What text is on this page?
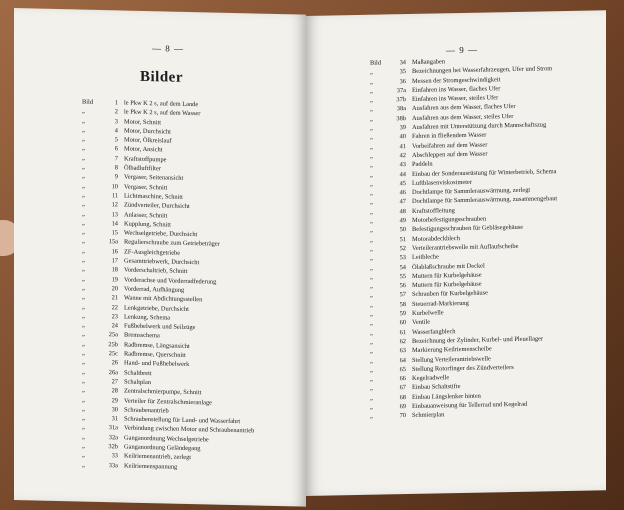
— 8 —
Bilder
Bild	1 le Pkw K 2 s, auf dem Lande
„	2 le Pkw K 2 s, auf dem Wasser
„	3 Motor, Schnitt
„	4 Motor, Durchsicht
„	5 Motor, Ölkreislauf
„	6 Motor, Ansicht
„	7 Kraftstoffpumpe
„	8 Ölbadluftfilter
„	9 Vergaser, Seitenansicht
„	10 Vergaser, Schnitt
„	11 Lichtmaschine, Schnitt
„	12 Zündverteiler, Durchsicht
„	13 Anlasser, Schnitt
„	14 Kupplung, Schnitt
„	15 Wechselgetriebe, Durchsicht
„	15a Regulierschraube zum Getriebeträger
„	16 ZF-Ausgleichgetriebe
„	17 Gesamttriebwerk, Durchsicht
„	18 Vorderschaltrieb, Schnitt
„	19 Vorderachse und Vorderradfederung
„	20 Vorderrad, Aufhängung
„	21 Wanne mit Abdichtungsstellen
„	22 Lenkgetriebe, Durchsicht
„	23 Lenkung, Schema
„	24 Fußbebelwerk und Seilzüge
„	25a Bremsschema
„	25b Radbremse, Längsansicht
„	25c Radbremse, Querschnitt
„	26 Hand- und Fußhebelwerk
„	26a Schaltbrett
„	27 Schaltplan
„	28 Zentralschmierpumpe, Schnitt
„	29 Verteiler für Zentralschmieranlage
„	30 Schraubenantrieb
„	31 Schraubenstellung für Land- und Wasserfahrt
„	31a Verbindung zwischen Motor und Schraubenantrieb
„	32a Ganganordnung Wechselgetriebe
„	32b Ganganordnung Geländegang
„	33 Keilriemenantrieb, zerlegt
„	33a Keilriemenspannung
— 9 —
Bild	34 Maßangaben
„	35 Bezeichnungen bei Wasserfahrzeugen, Ufer und Strom
„	36 Messen der Stromgeschwindigkeit
„	37a Einfahren ins Wasser, flaches Ufer
„	37b Einfahren ins Wasser, steiles Ufer
„	38a Ausfahren aus dem Wasser, flaches Ufer
„	38b Ausfahren aus dem Wasser, steiles Ufer
„	39 Ausfahren mit Unterstützung durch Mannschaftszug
„	40 Fahren in fließendem Wasser
„	41 Vorbeifahren auf dem Wasser
„	42 Abschleppen auf dem Wasser
„	43 Paddeln
„	44 Einbau der Sonderausrüstung für Winterbetrieb, Schema
„	45 Luftblasenviskosimeter
„	46 Dochtlampe für Sammlerauswärmung, zerlegt
„	47 Dochtlampe für Sammlerauswärmung, zusammengebaut
„	48 Kraftstoffleitung
„	49 Motorbefestigungsschrauben
„	50 Befestigungsschrauben für Gebläsegehäuse
„	51 Motorabdeckblech
„	52 Verteilerantriebswelle mit Auflaufscheibe
„	53 Leitbleche
„	54 Ölablaßschraube mit Deckel
„	55 Muttern für Kurbelgehäuse
„	56 Muttern für Kurbelgehäuse
„	57 Schrauben für Kurbelgehäuse
„	58 Steuerrad-Markierung
„	59 Kurbelwelle
„	60 Ventile
„	61 Wasserfangblech
„	62 Bezeichnung der Zylinder, Kurbel- und Pleuellager
„	63 Markierung Keilriemenscheibe
„	64 Stellung Verteilerantriebswelle
„	65 Stellung Rotorfinger des Zündverteilers
„	66 Kegelradwelle
„	67 Einbau Schaltstifte
„	68 Einbau Längslenker hinten
„	69 Einbauanweisung für Tellerrad und Kegelrad
„	70 Schmierplan
